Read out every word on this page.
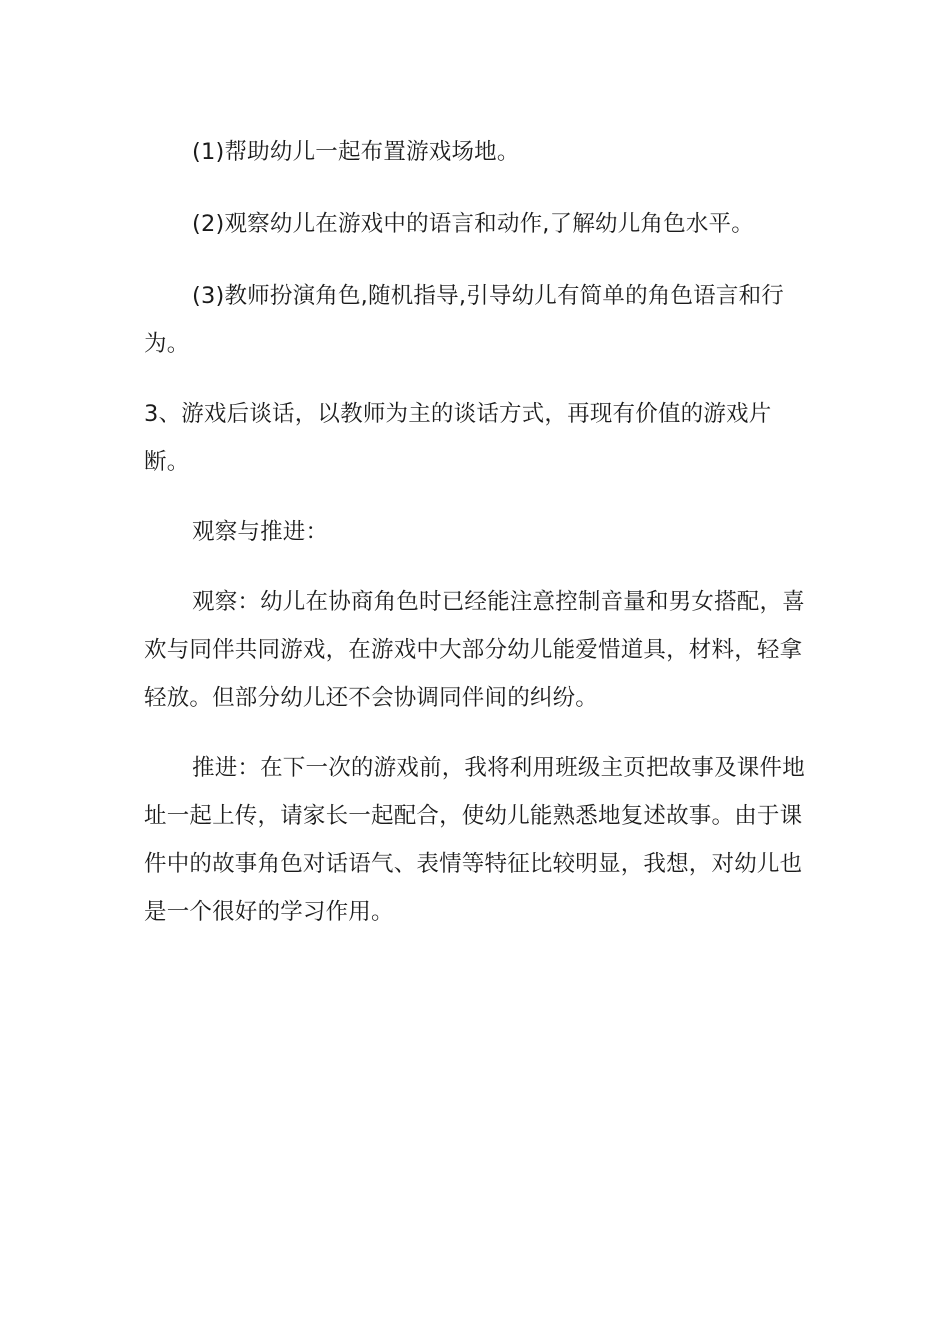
(1)帮助幼儿一起布置游戏场地。

(2)观察幼儿在游戏中的语言和动作,了解幼儿角色水平。

(3)教师扮演角色,随机指导,引导幼儿有简单的角色语言和行为。

3、游戏后谈话，以教师为主的谈话方式，再现有价值的游戏片断。

观察与推进：

观察：幼儿在协商角色时已经能注意控制音量和男女搭配，喜欢与同伴共同游戏，在游戏中大部分幼儿能爱惜道具，材料，轻拿轻放。但部分幼儿还不会协调同伴间的纠纷。

推进：在下一次的游戏前，我将利用班级主页把故事及课件地址一起上传，请家长一起配合，使幼儿能熟悉地复述故事。由于课件中的故事角色对话语气、表情等特征比较明显，我想，对幼儿也是一个很好的学习作用。
